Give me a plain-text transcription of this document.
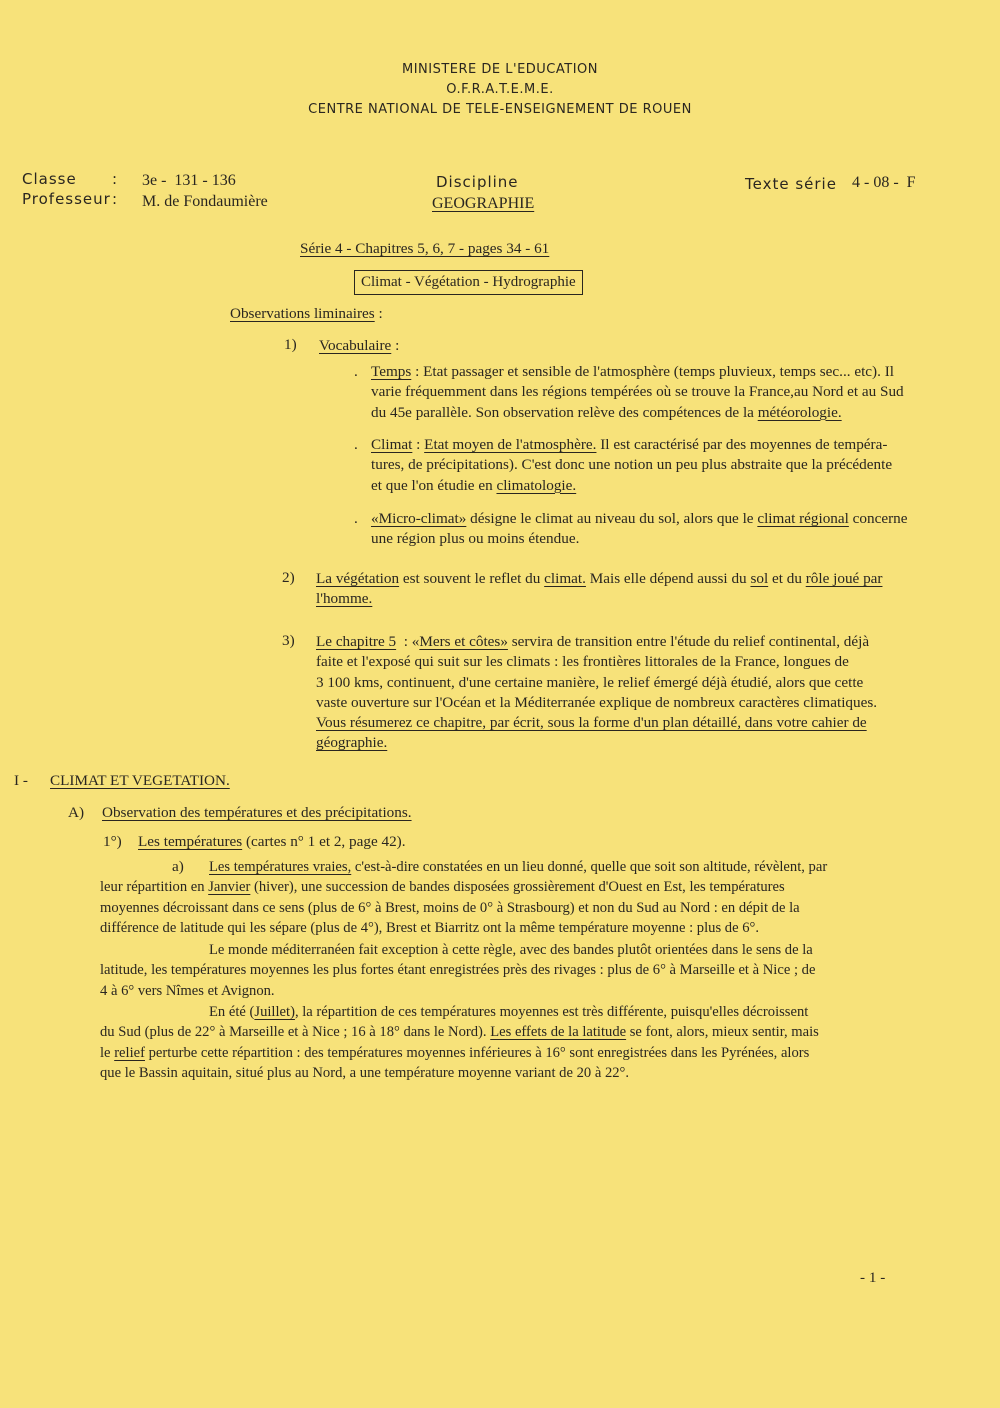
MINISTERE DE L'EDUCATION
O.F.R.A.T.E.M.E.
CENTRE NATIONAL DE TELE-ENSEIGNEMENT DE ROUEN
Classe : 3e -  131 - 136
Professeur : M. de Fondaumière
Discipline
GEOGRAPHIE
Texte série 4 - 08 -  F
Série 4 - Chapitres 5, 6, 7 - pages 34 - 61
Climat - Végétation - Hydrographie
Observations liminaires :
1) Vocabulaire :
. Temps : Etat passager et sensible de l'atmosphère (temps pluvieux, temps sec... etc). Il
varie fréquemment dans les régions tempérées où se trouve la France,au Nord et au Sud
du 45e parallèle. Son observation relève des compétences de la météorologie.
. Climat : Etat moyen de l'atmosphère. Il est caractérisé par des moyennes de tempéra-
tures, de précipitations). C'est donc une notion un peu plus abstraite que la précédente
et que l'on étudie en climatologie.
. «Micro-climat» désigne le climat au niveau du sol, alors que le climat régional concerne
une région plus ou moins étendue.
2) La végétation est souvent le reflet du climat. Mais elle dépend aussi du sol et du rôle joué par
l'homme.
3) Le chapitre 5  : «Mers et côtes» servira de transition entre l'étude du relief continental, déjà
faite et l'exposé qui suit sur les climats : les frontières littorales de la France, longues de
3 100 kms, continuent, d'une certaine manière, le relief émergé déjà étudié, alors que cette
vaste ouverture sur l'Océan et la Méditerranée explique de nombreux caractères climatiques.
Vous résumerez ce chapitre, par écrit, sous la forme d'un plan détaillé, dans votre cahier de
géographie.
I - CLIMAT ET VEGETATION.
A) Observation des températures et des précipitations.
1°) Les températures (cartes n° 1 et 2, page 42).
a)	Les températures vraies, c'est-à-dire constatées en un lieu donné, quelle que soit son altitude, révèlent, par
leur répartition en Janvier (hiver), une succession de bandes disposées grossièrement d'Ouest en Est, les températures
moyennes décroissant dans ce sens (plus de 6° à Brest, moins de 0° à Strasbourg) et non du Sud au Nord : en dépit de la
différence de latitude qui les sépare (plus de 4°), Brest et Biarritz ont la même température moyenne : plus de 6°.
Le monde méditerranéen fait exception à cette règle, avec des bandes plutôt orientées dans le sens de la
latitude, les températures moyennes les plus fortes étant enregistrées près des rivages : plus de 6° à Marseille et à Nice ; de
4 à 6° vers Nîmes et Avignon.
En été (Juillet), la répartition de ces températures moyennes est très différente, puisqu'elles décroissent
du Sud (plus de 22° à Marseille et à Nice ; 16 à 18° dans le Nord). Les effets de la latitude se font, alors, mieux sentir, mais
le relief perturbe cette répartition : des températures moyennes inférieures à 16° sont enregistrées dans les Pyrénées, alors
que le Bassin aquitain, situé plus au Nord, a une température moyenne variant de 20 à 22°.
- 1 -
